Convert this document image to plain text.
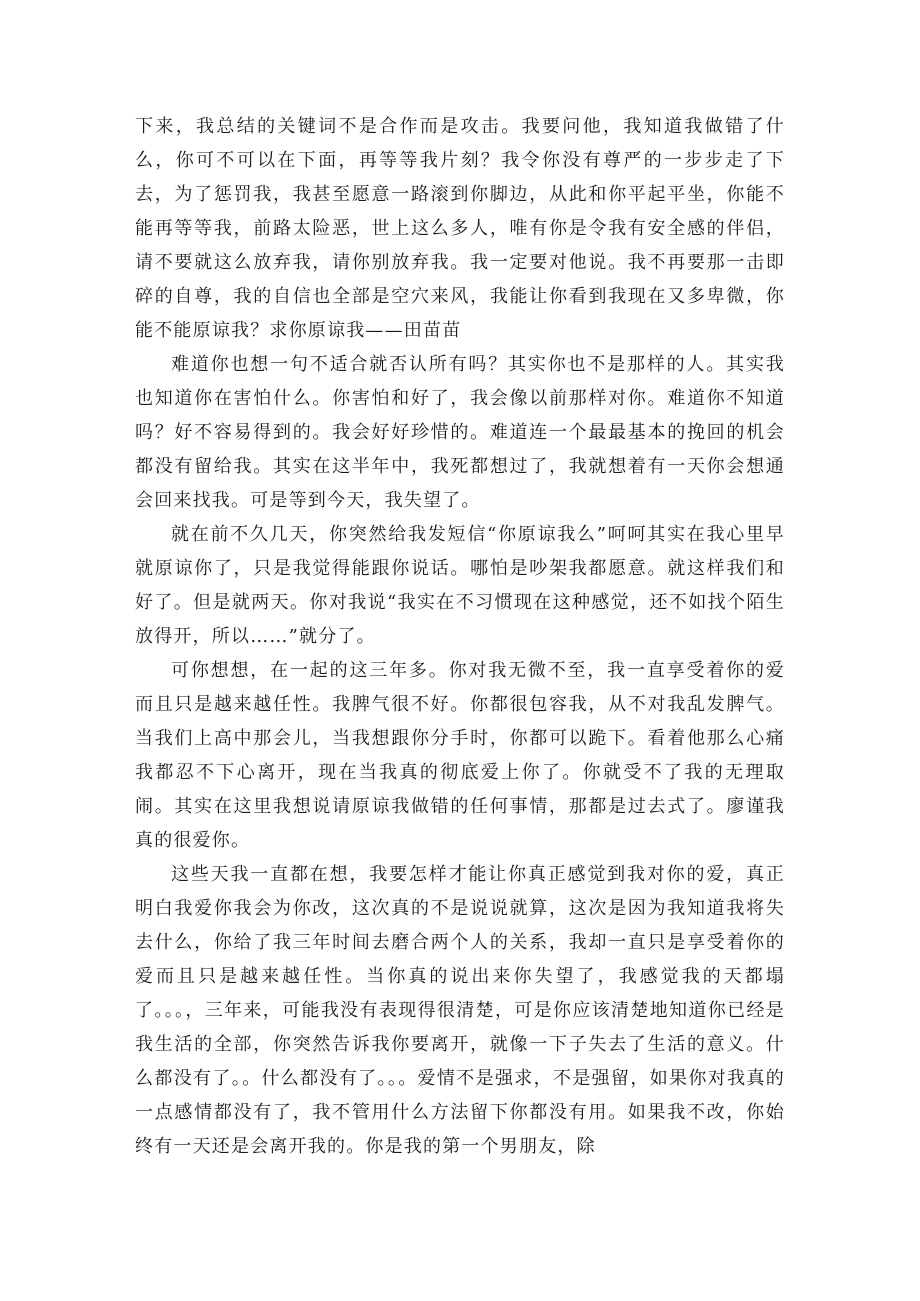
下来，我总结的关键词不是合作而是攻击。我要问他，我知道我做错了什么，你可不可以在下面，再等等我片刻？我令你没有尊严的一步步走了下去，为了惩罚我，我甚至愿意一路滚到你脚边，从此和你平起平坐，你能不能再等等我，前路太险恶，世上这么多人，唯有你是令我有安全感的伴侣，请不要就这么放弃我，请你别放弃我。我一定要对他说。我不再要那一击即碎的自尊，我的自信也全部是空穴来风，我能让你看到我现在又多卑微，你能不能原谅我？求你原谅我——田苗苗

难道你也想一句不适合就否认所有吗？其实你也不是那样的人。其实我也知道你在害怕什么。你害怕和好了，我会像以前那样对你。难道你不知道吗？好不容易得到的。我会好好珍惜的。难道连一个最最基本的挽回的机会都没有留给我。其实在这半年中，我死都想过了，我就想着有一天你会想通会回来找我。可是等到今天，我失望了。

就在前不久几天，你突然给我发短信“你原谅我么”呵呵其实在我心里早就原谅你了，只是我觉得能跟你说话。哪怕是吵架我都愿意。就这样我们和好了。但是就两天。你对我说“我实在不习惯现在这种感觉，还不如找个陌生放得开，所以……”就分了。

可你想想，在一起的这三年多。你对我无微不至，我一直享受着你的爱而且只是越来越任性。我脾气很不好。你都很包容我，从不对我乱发脾气。当我们上高中那会儿，当我想跟你分手时，你都可以跪下。看着他那么心痛我都忍不下心离开，现在当我真的彻底爱上你了。你就受不了我的无理取闹。其实在这里我想说请原谅我做错的任何事情，那都是过去式了。廖谨我真的很爱你。

这些天我一直都在想，我要怎样才能让你真正感觉到我对你的爱，真正明白我爱你我会为你改，这次真的不是说说就算，这次是因为我知道我将失去什么，你给了我三年时间去磨合两个人的关系，我却一直只是享受着你的爱而且只是越来越任性。当你真的说出来你失望了，我感觉我的天都塌了。。。，三年来，可能我没有表现得很清楚，可是你应该清楚地知道你已经是我生活的全部，你突然告诉我你要离开，就像一下子失去了生活的意义。什么都没有了。。什么都没有了。。。爱情不是强求，不是强留，如果你对我真的一点感情都没有了，我不管用什么方法留下你都没有用。如果我不改，你始终有一天还是会离开我的。你是我的第一个男朋友，除
